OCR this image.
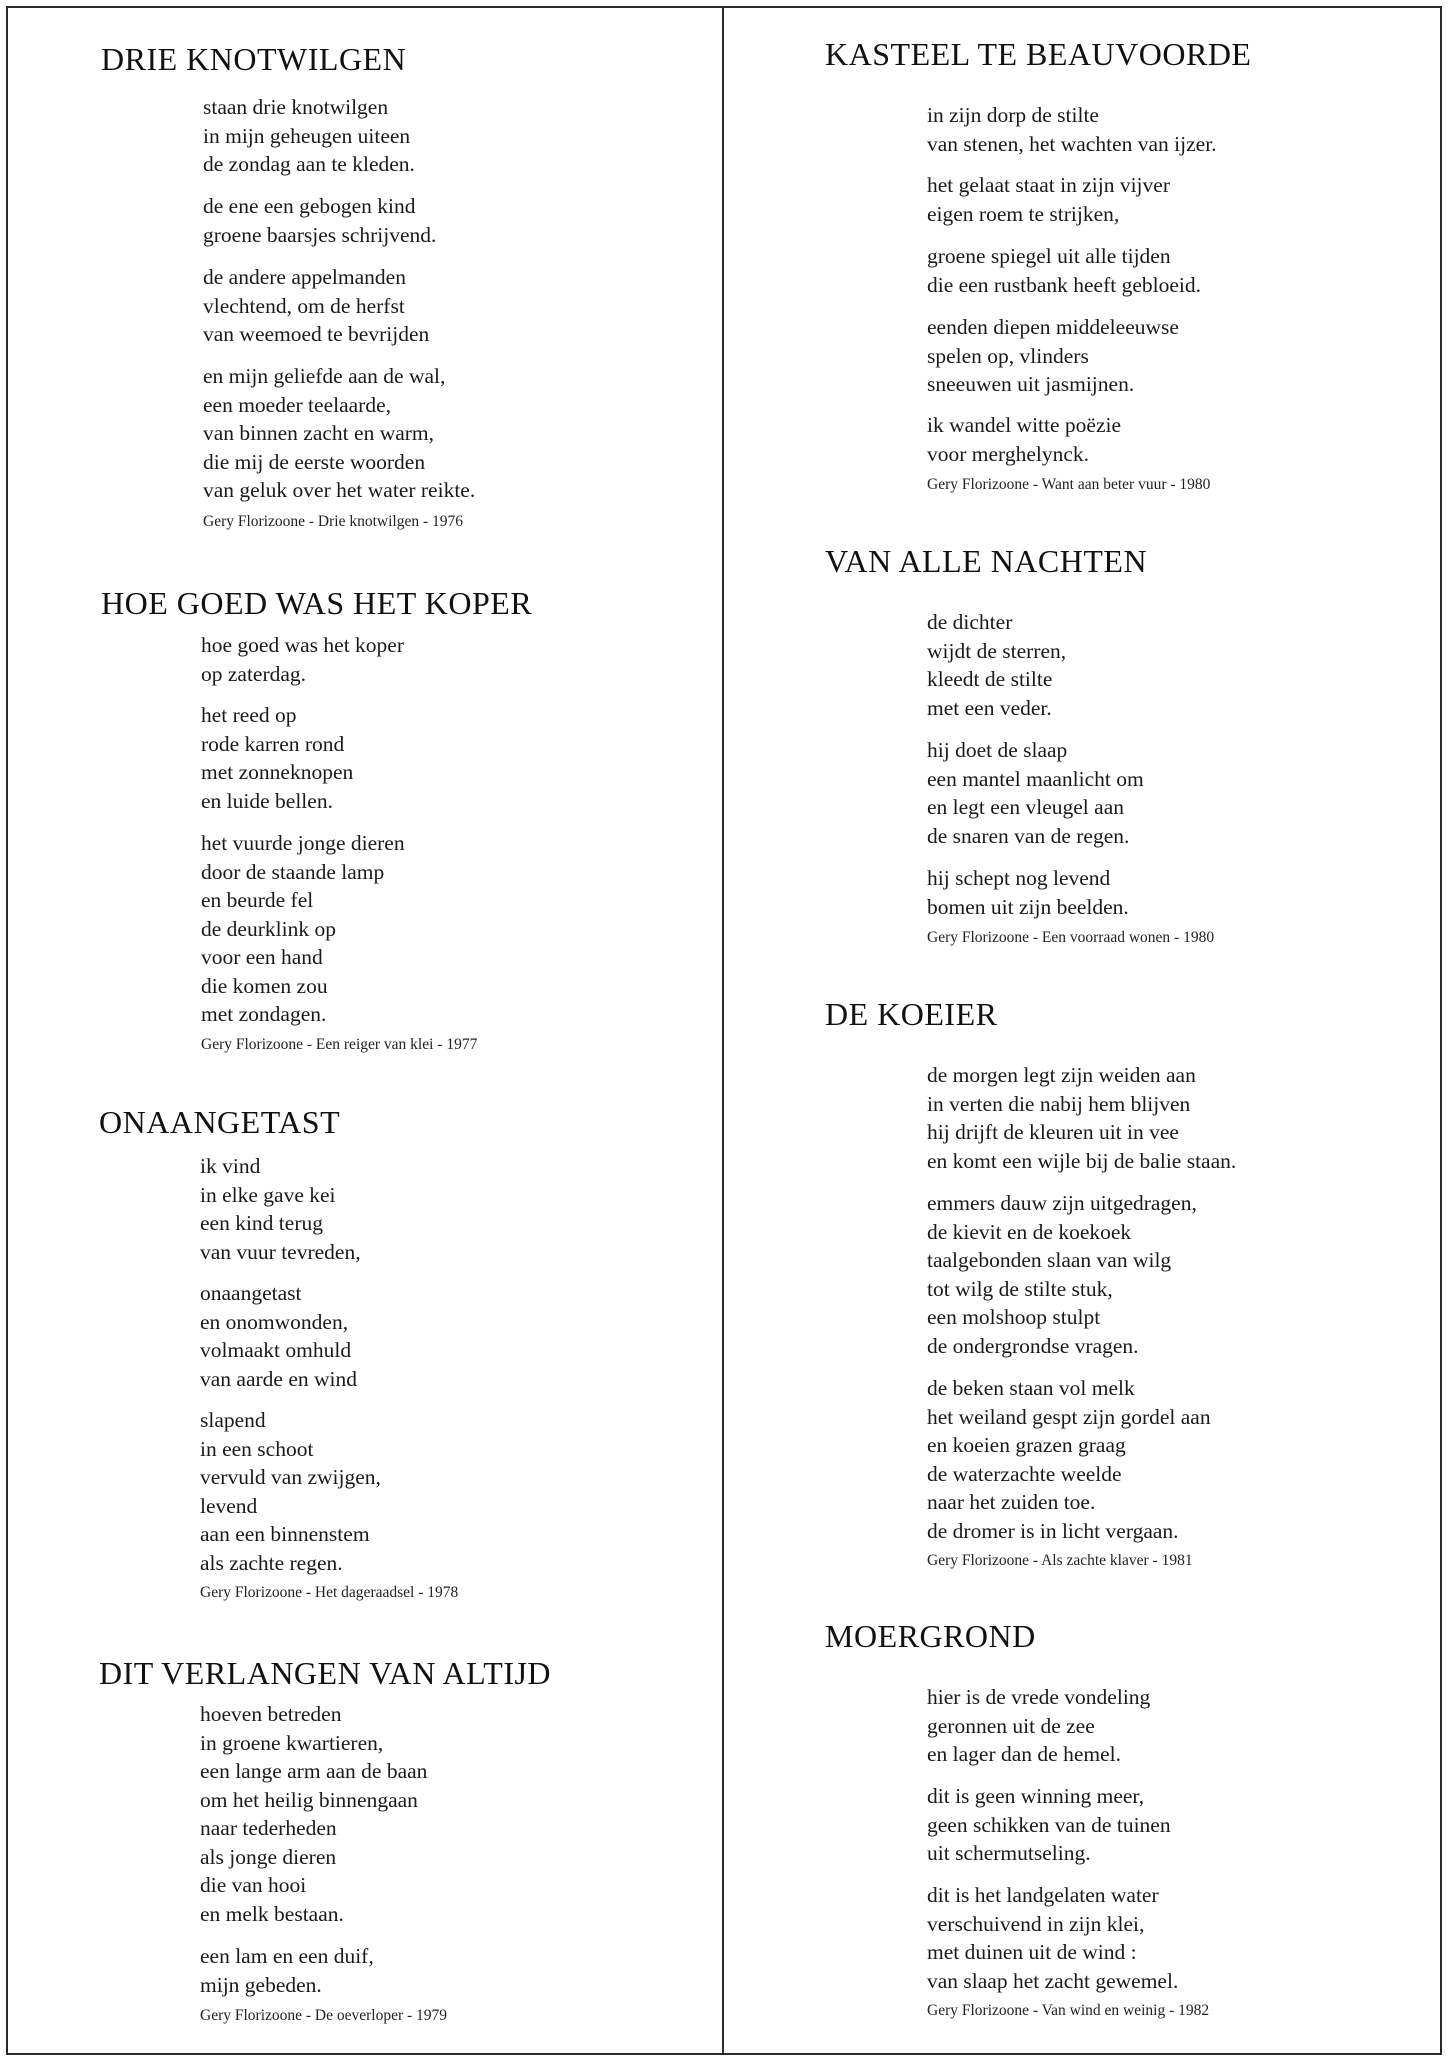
DRIE KNOTWILGEN

staan drie knotwilgen

in mijn geheugen uiteen

de zondag aan te kleden.

de ene een gebogen kind

groene baarsjes schrijvend.

de andere appelmanden

vlechtend, om de herfst

van weemoed te bevrijden

en mijn geliefde aan de wal,

een moeder teelaarde,

van binnen zacht en warm,

die mij de eerste woorden

van geluk over het water reikte.

Gery Florizoone - Drie knotwilgen - 1976

HOE GOED WAS HET KOPER

hoe goed was het koper

op zaterdag.

het reed op

rode karren rond

met zonneknopen

en luide bellen.

het vuurde jonge dieren

door de staande lamp

en beurde fel

de deurklink op

voor een hand

die komen zou

met zondagen.

Gery Florizoone - Een reiger van klei - 1977

ONAANGETAST

ik vind

in elke gave kei

een kind terug

van vuur tevreden,

onaangetast

en onomwonden,

volmaakt omhuld

van aarde en wind

slapend

in een schoot

vervuld van zwijgen,

levend

aan een binnenstem

als zachte regen.

Gery Florizoone - Het dageraadsel - 1978

DIT VERLANGEN VAN ALTIJD

hoeven betreden

in groene kwartieren,

een lange arm aan de baan

om het heilig binnengaan

naar tederheden

als jonge dieren

die van hooi

en melk bestaan.

een lam en een duif,

mijn gebeden.

Gery Florizoone - De oeverloper - 1979

KASTEEL TE BEAUVOORDE

in zijn dorp de stilte

van stenen, het wachten van ijzer.

het gelaat staat in zijn vijver

eigen roem te strijken,

groene spiegel uit alle tijden

die een rustbank heeft gebloeid.

eenden diepen middeleeuwse

spelen op, vlinders

sneeuwen uit jasmijnen.

ik wandel witte poëzie

voor merghelynck.

Gery Florizoone - Want aan beter vuur - 1980

VAN ALLE NACHTEN

de dichter

wijdt de sterren,

kleedt de stilte

met een veder.

hij doet de slaap

een mantel maanlicht om

en legt een vleugel aan

de snaren van de regen.

hij schept nog levend

bomen uit zijn beelden.

Gery Florizoone - Een voorraad wonen - 1980

DE KOEIER

de morgen legt zijn weiden aan

in verten die nabij hem blijven

hij drijft de kleuren uit in vee

en komt een wijle bij de balie staan.

emmers dauw zijn uitgedragen,

de kievit en de koekoek

taalgebonden slaan van wilg

tot wilg de stilte stuk,

een molshoop stulpt

de ondergrondse vragen.

de beken staan vol melk

het weiland gespt zijn gordel aan

en koeien grazen graag

de waterzachte weelde

naar het zuiden toe.

de dromer is in licht vergaan.

Gery Florizoone - Als zachte klaver - 1981

MOERGROND

hier is de vrede vondeling

geronnen uit de zee

en lager dan de hemel.

dit is geen winning meer,

geen schikken van de tuinen

uit schermutseling.

dit is het landgelaten water

verschuivend in zijn klei,

met duinen uit de wind :

van slaap het zacht gewemel.

Gery Florizoone - Van wind en weinig - 1982
